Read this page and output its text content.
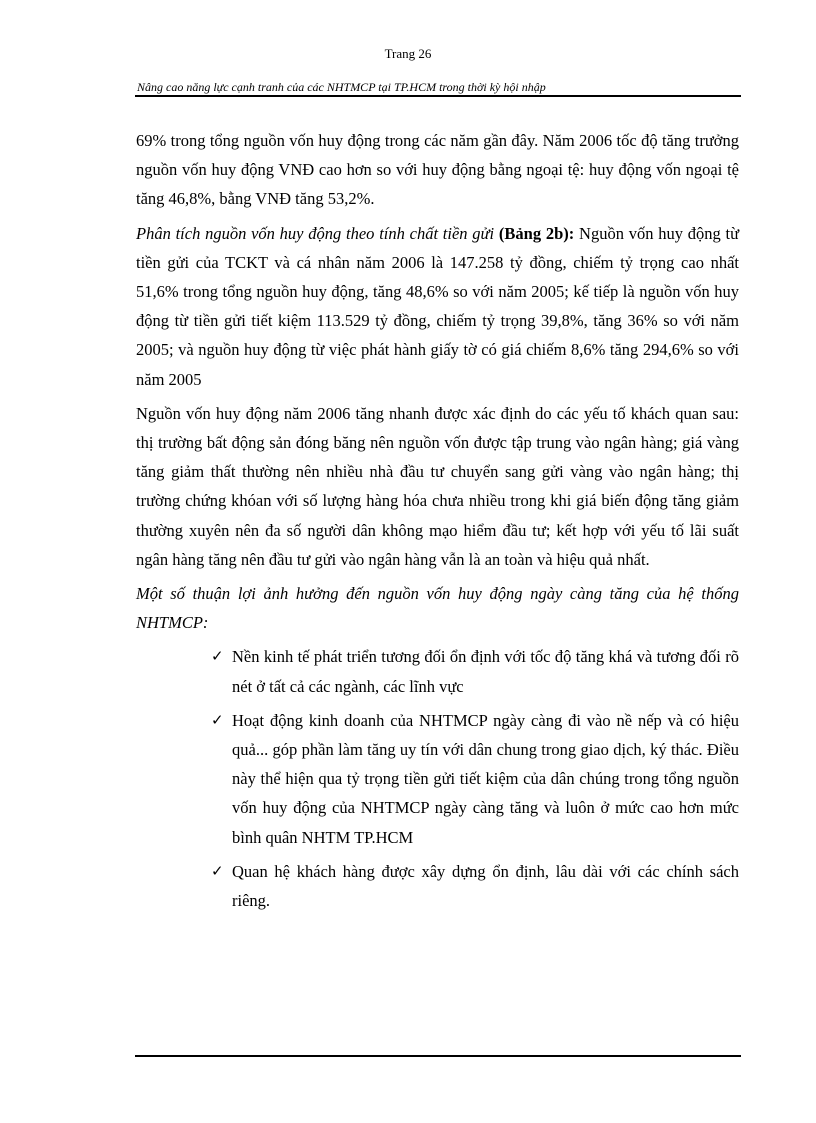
Trang 26
Nâng cao năng lực cạnh tranh của các NHTMCP tại TP.HCM trong thời kỳ hội nhập

69% trong tổng nguồn vốn huy động trong các năm gần đây. Năm 2006 tốc độ tăng trưởng nguồn vốn huy động VNĐ cao hơn so với huy động bằng ngoại tệ: huy động vốn ngoại tệ tăng 46,8%, bằng VNĐ tăng 53,2%.

Phân tích nguồn vốn huy động theo tính chất tiền gửi (Bảng 2b): Nguồn vốn huy động từ tiền gửi của TCKT và cá nhân năm 2006 là 147.258 tỷ đồng, chiếm tỷ trọng cao nhất 51,6% trong tổng nguồn huy động, tăng 48,6% so với năm 2005; kế tiếp là nguồn vốn huy động từ tiền gửi tiết kiệm 113.529 tỷ đồng, chiếm tỷ trọng 39,8%, tăng 36% so với năm 2005; và nguồn huy động từ việc phát hành giấy tờ có giá chiếm 8,6% tăng 294,6% so với năm 2005

Nguồn vốn huy động năm 2006 tăng nhanh được xác định do các yếu tố khách quan sau: thị trường bất động sản đóng băng nên nguồn vốn được tập trung vào ngân hàng; giá vàng tăng giảm thất thường nên nhiều nhà đầu tư chuyển sang gửi vàng vào ngân hàng; thị trường chứng khóan với số lượng hàng hóa chưa nhiều trong khi giá biến động tăng giảm thường xuyên nên đa số người dân không mạo hiểm đầu tư; kết hợp với yếu tố lãi suất ngân hàng tăng nên đầu tư gửi vào ngân hàng vẫn là an toàn và hiệu quả nhất.

Một số thuận lợi ảnh hưởng đến nguồn vốn huy động ngày càng tăng của hệ thống NHTMCP:

✓ Nền kinh tế phát triển tương đối ổn định với tốc độ tăng khá và tương đối rõ nét ở tất cả các ngành, các lĩnh vực
✓ Hoạt động kinh doanh của NHTMCP ngày càng đi vào nề nếp và có hiệu quả... góp phần làm tăng uy tín với dân chung trong giao dịch, ký thác. Điều này thể hiện qua tỷ trọng tiền gửi tiết kiệm của dân chúng trong tổng nguồn vốn huy động của NHTMCP ngày càng tăng và luôn ở mức cao hơn mức bình quân NHTM TP.HCM
✓ Quan hệ khách hàng được xây dựng ổn định, lâu dài với các chính sách riêng.
